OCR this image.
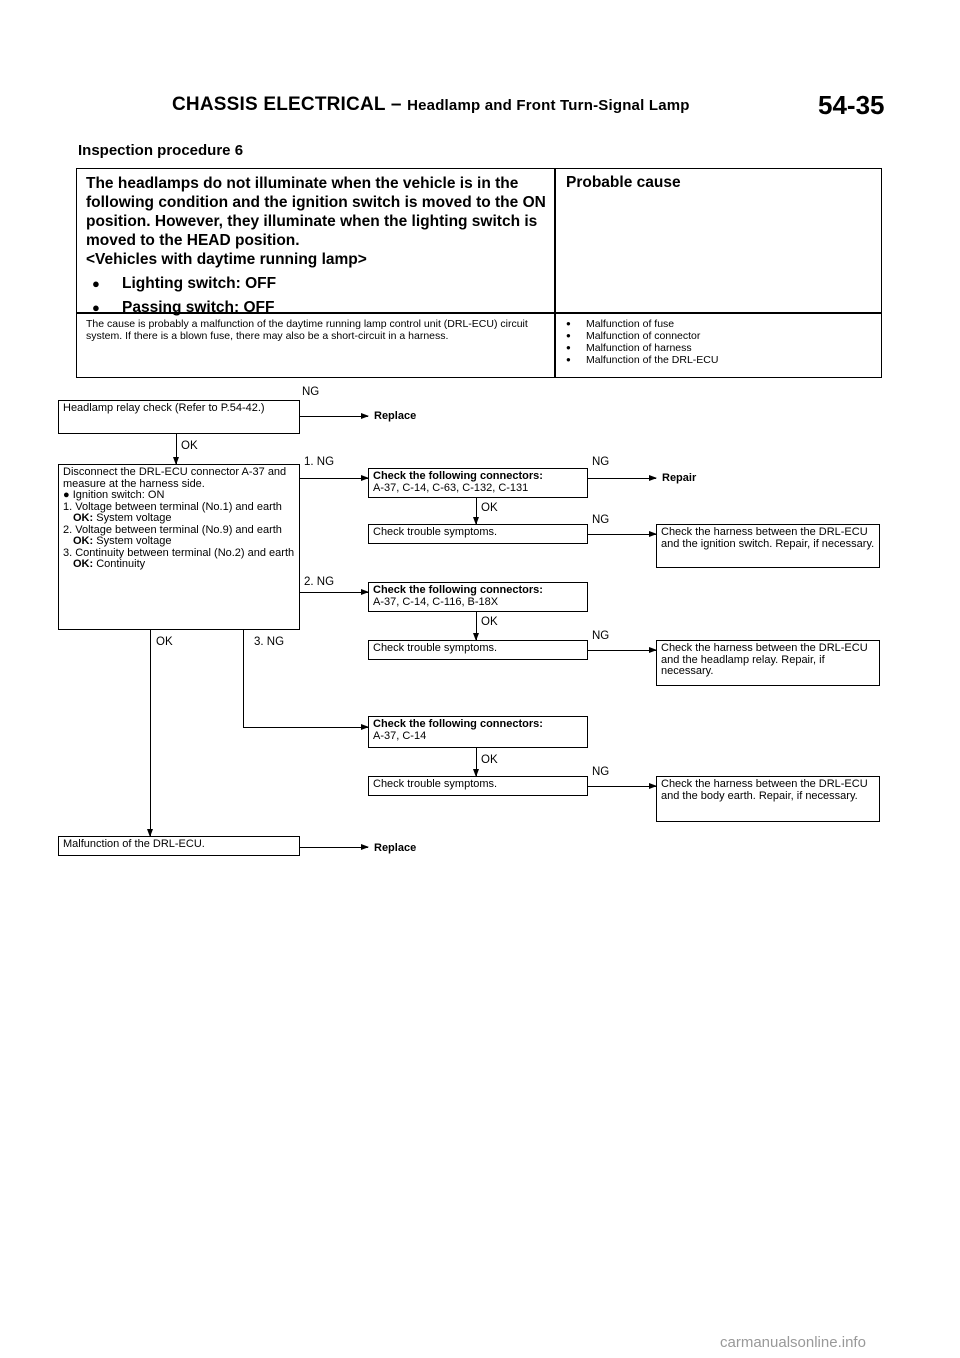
CHASSIS ELECTRICAL – Headlamp and Front Turn-Signal Lamp	54-35
Inspection procedure 6
The headlamps do not illuminate when the vehicle is in the following condition and the ignition switch is moved to the ON position. However, they illuminate when the lighting switch is moved to the HEAD position.
<Vehicles with daytime running lamp>
● Lighting switch: OFF
● Passing switch: OFF
Probable cause
The cause is probably a malfunction of the daytime running lamp control unit (DRL-ECU) circuit system. If there is a blown fuse, there may also be a short-circuit in a harness.
● Malfunction of fuse
● Malfunction of connector
● Malfunction of harness
● Malfunction of the DRL-ECU
Headlamp relay check (Refer to P.54-42.)
NG
Replace
OK
Disconnect the DRL-ECU connector A-37 and measure at the harness side.
● Ignition switch: ON
1. Voltage between terminal (No.1) and earth
OK: System voltage
2. Voltage between terminal (No.9) and earth
OK: System voltage
3. Continuity between terminal (No.2) and earth
OK: Continuity
1. NG
Check the following connectors:
A-37, C-14, C-63, C-132, C-131
NG
Repair
OK
Check trouble symptoms.
NG
Check the harness between the DRL-ECU and the ignition switch. Repair, if necessary.
2. NG
Check the following connectors:
A-37, C-14, C-116, B-18X
OK
Check trouble symptoms.
NG
Check the harness between the DRL-ECU and the headlamp relay. Repair, if necessary.
OK	3. NG
Check the following connectors:
A-37, C-14
OK
Check trouble symptoms.
NG
Check the harness between the DRL-ECU and the body earth. Repair, if necessary.
Malfunction of the DRL-ECU.	Replace
carmanualsonline.info
